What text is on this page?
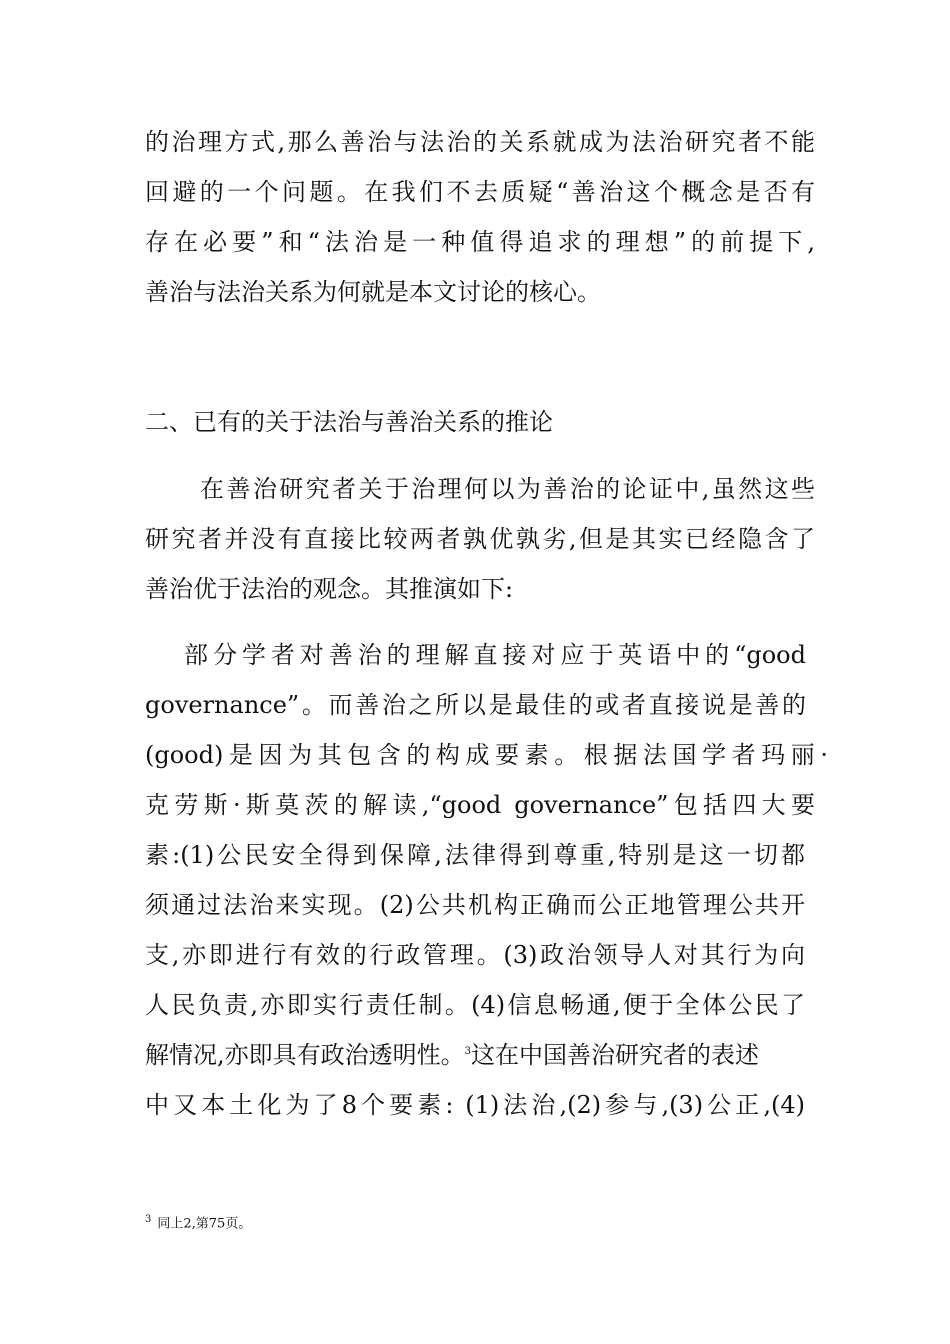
的治理方式,那么善治与法治的关系就成为法治研究者不能
回避的一个问题。在我们不去质疑“善治这个概念是否有
存在必要”和“法治是一种值得追求的理想”的前提下,
善治与法治关系为何就是本文讨论的核心。
二、已有的关于法治与善治关系的推论
在善治研究者关于治理何以为善治的论证中,虽然这些
研究者并没有直接比较两者孰优孰劣,但是其实已经隐含了
善治优于法治的观念。其推演如下:
部分学者对善治的理解直接对应于英语中的“good
governance”。而善治之所以是最佳的或者直接说是善的
(good)是因为其包含的构成要素。根据法国学者玛丽·
克劳斯·斯莫茨的解读,“good governance”包括四大要
素:(1)公民安全得到保障,法律得到尊重,特别是这一切都
须通过法治来实现。(2)公共机构正确而公正地管理公共开
支,亦即进行有效的行政管理。(3)政治领导人对其行为向
人民负责,亦即实行责任制。(4)信息畅通,便于全体公民了
解情况,亦即具有政治透明性。$^3$这在中国善治研究者的表述
中又本土化为了8个要素: (1)法治,(2)参与,(3)公正,(4)
$^3$ 同上2,第75页。
